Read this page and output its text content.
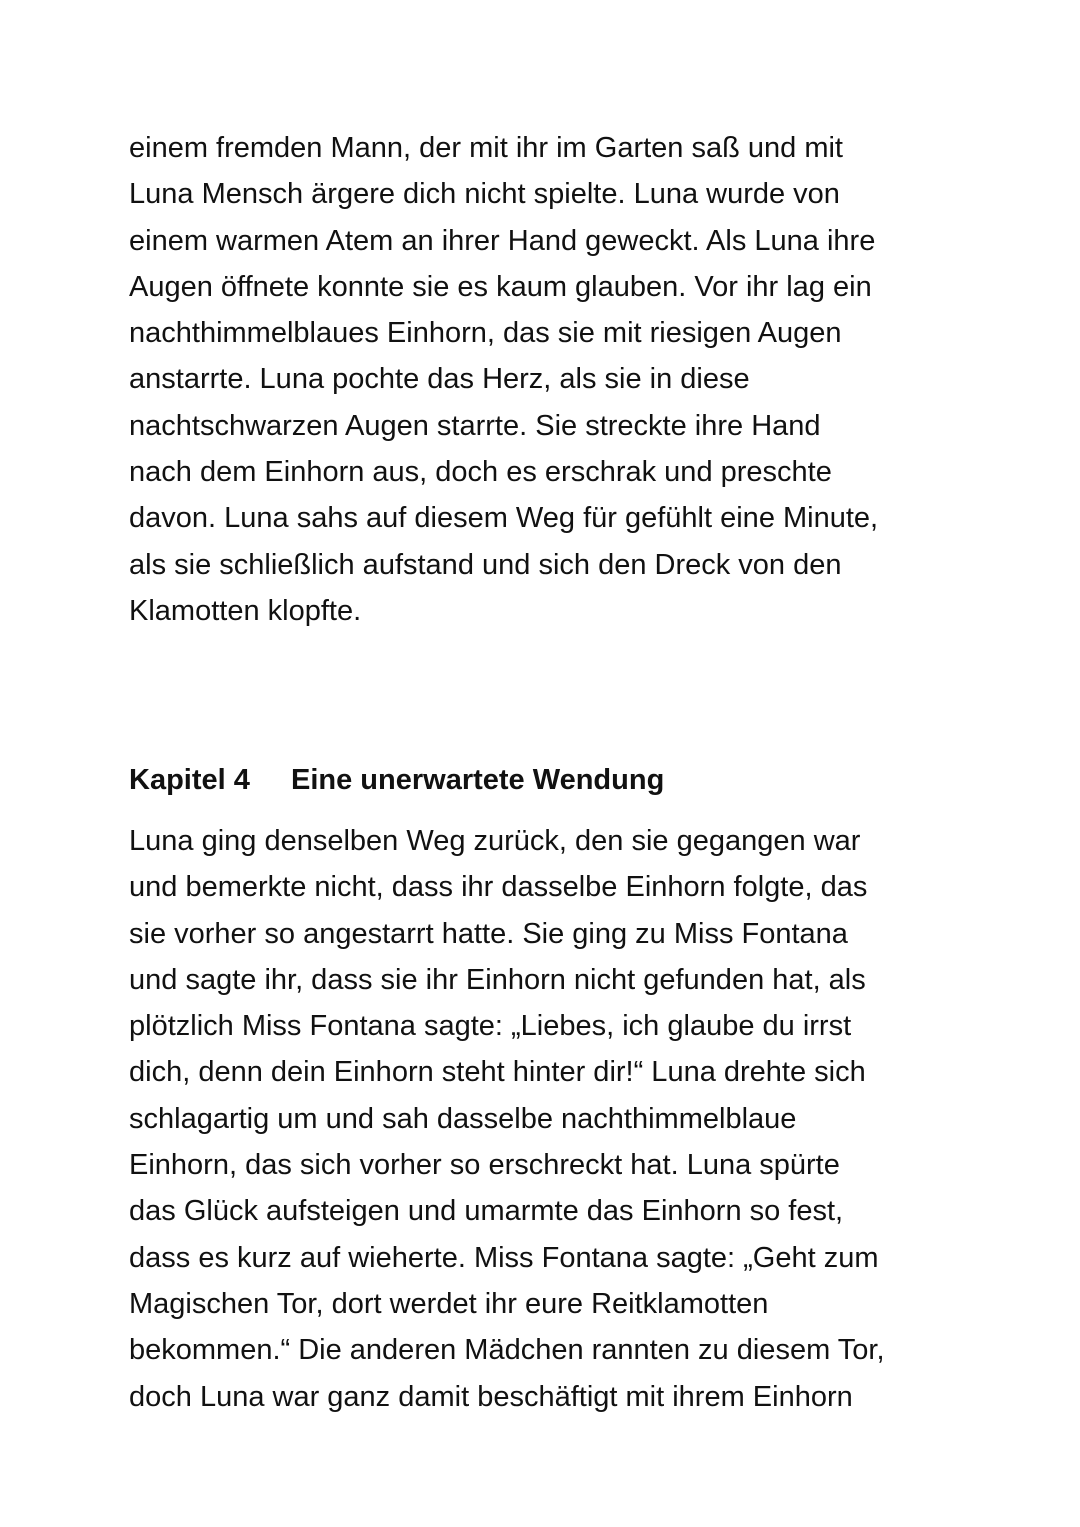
einem fremden Mann, der mit ihr im Garten saß und mit
Luna Mensch ärgere dich nicht spielte. Luna wurde von
einem warmen Atem an ihrer Hand geweckt. Als Luna ihre
Augen öffnete konnte sie es kaum glauben. Vor ihr lag ein
nachthimmelblaues Einhorn, das sie mit riesigen Augen
anstarrte. Luna pochte das Herz, als sie in diese
nachtschwarzen Augen starrte. Sie streckte ihre Hand
nach dem Einhorn aus, doch es erschrak und preschte
davon. Luna sahs auf diesem Weg für gefühlt eine Minute,
als sie schließlich aufstand und sich den Dreck von den
Klamotten klopfte.
Kapitel 4 Eine unerwartete Wendung
Luna ging denselben Weg zurück, den sie gegangen war
und bemerkte nicht, dass ihr dasselbe Einhorn folgte, das
sie vorher so angestarrt hatte. Sie ging zu Miss Fontana
und sagte ihr, dass sie ihr Einhorn nicht gefunden hat, als
plötzlich Miss Fontana sagte: „Liebes, ich glaube du irrst
dich, denn dein Einhorn steht hinter dir!“ Luna drehte sich
schlagartig um und sah dasselbe nachthimmelblaue
Einhorn, das sich vorher so erschreckt hat. Luna spürte
das Glück aufsteigen und umarmte das Einhorn so fest,
dass es kurz auf wieherte. Miss Fontana sagte: „Geht zum
Magischen Tor, dort werdet ihr eure Reitklamotten
bekommen.“ Die anderen Mädchen rannten zu diesem Tor,
doch Luna war ganz damit beschäftigt mit ihrem Einhorn
